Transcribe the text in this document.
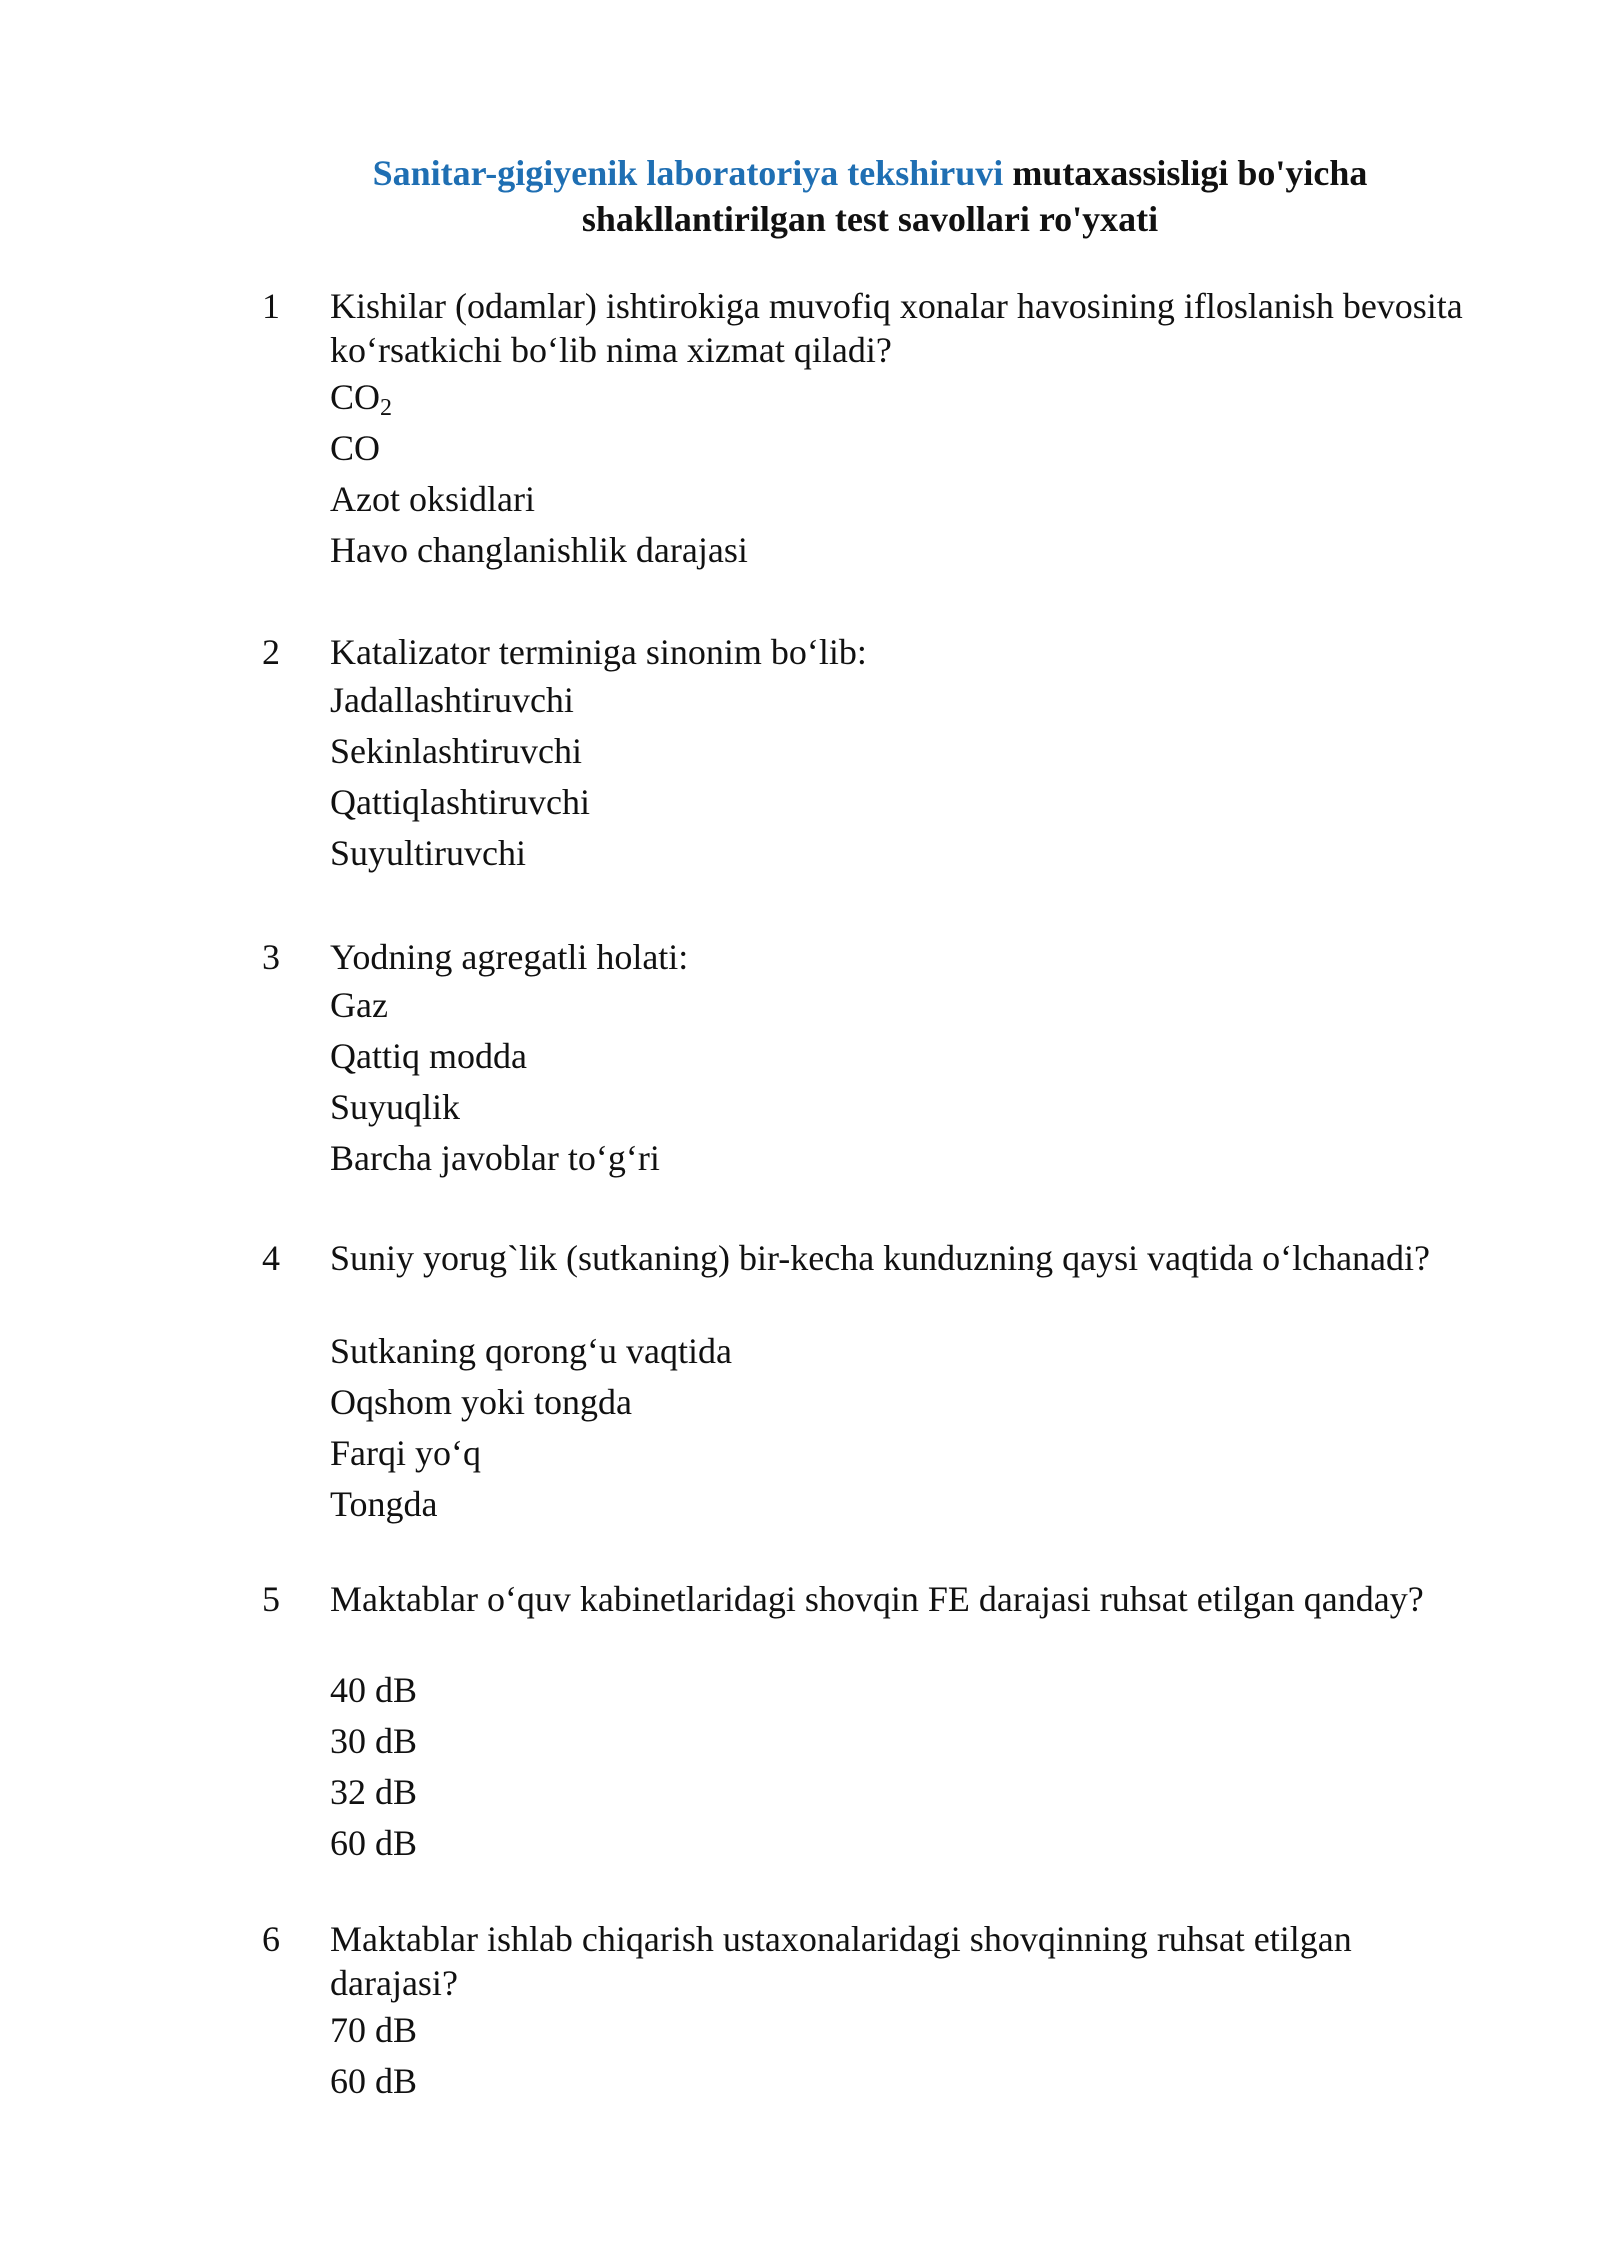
Sanitar-gigiyenik laboratoriya tekshiruvi mutaxassisligi bo'yicha
shakllantirilgan test savollari ro'yxati
1 Kishilar (odamlar) ishtirokiga muvofiq xonalar havosining ifloslanish bevosita ko‘rsatkichi bo‘lib nima xizmat qiladi?
$CO_2$
CO
Azot oksidlari
Havo changlanishlik darajasi
2 Katalizator terminiga sinonim bo‘lib:
Jadallashtiruvchi
Sekinlashtiruvchi
Qattiqlashtiruvchi
Suyultiruvchi
3 Yodning agregatli holati:
Gaz
Qattiq modda
Suyuqlik
Barcha javoblar to‘g‘ri
4 Suniy yorug`lik (sutkaning) bir-kecha kunduzning qaysi vaqtida o‘lchanadi?
Sutkaning qorong‘u vaqtida
Oqshom yoki tongda
Farqi yo‘q
Tongda
5 Maktablar o‘quv kabinetlaridagi shovqin FE darajasi ruhsat etilgan qanday?
40 dB
30 dB
32 dB
60 dB
6 Maktablar ishlab chiqarish ustaxonalaridagi shovqinning ruhsat etilgan darajasi?
70 dB
60 dB
